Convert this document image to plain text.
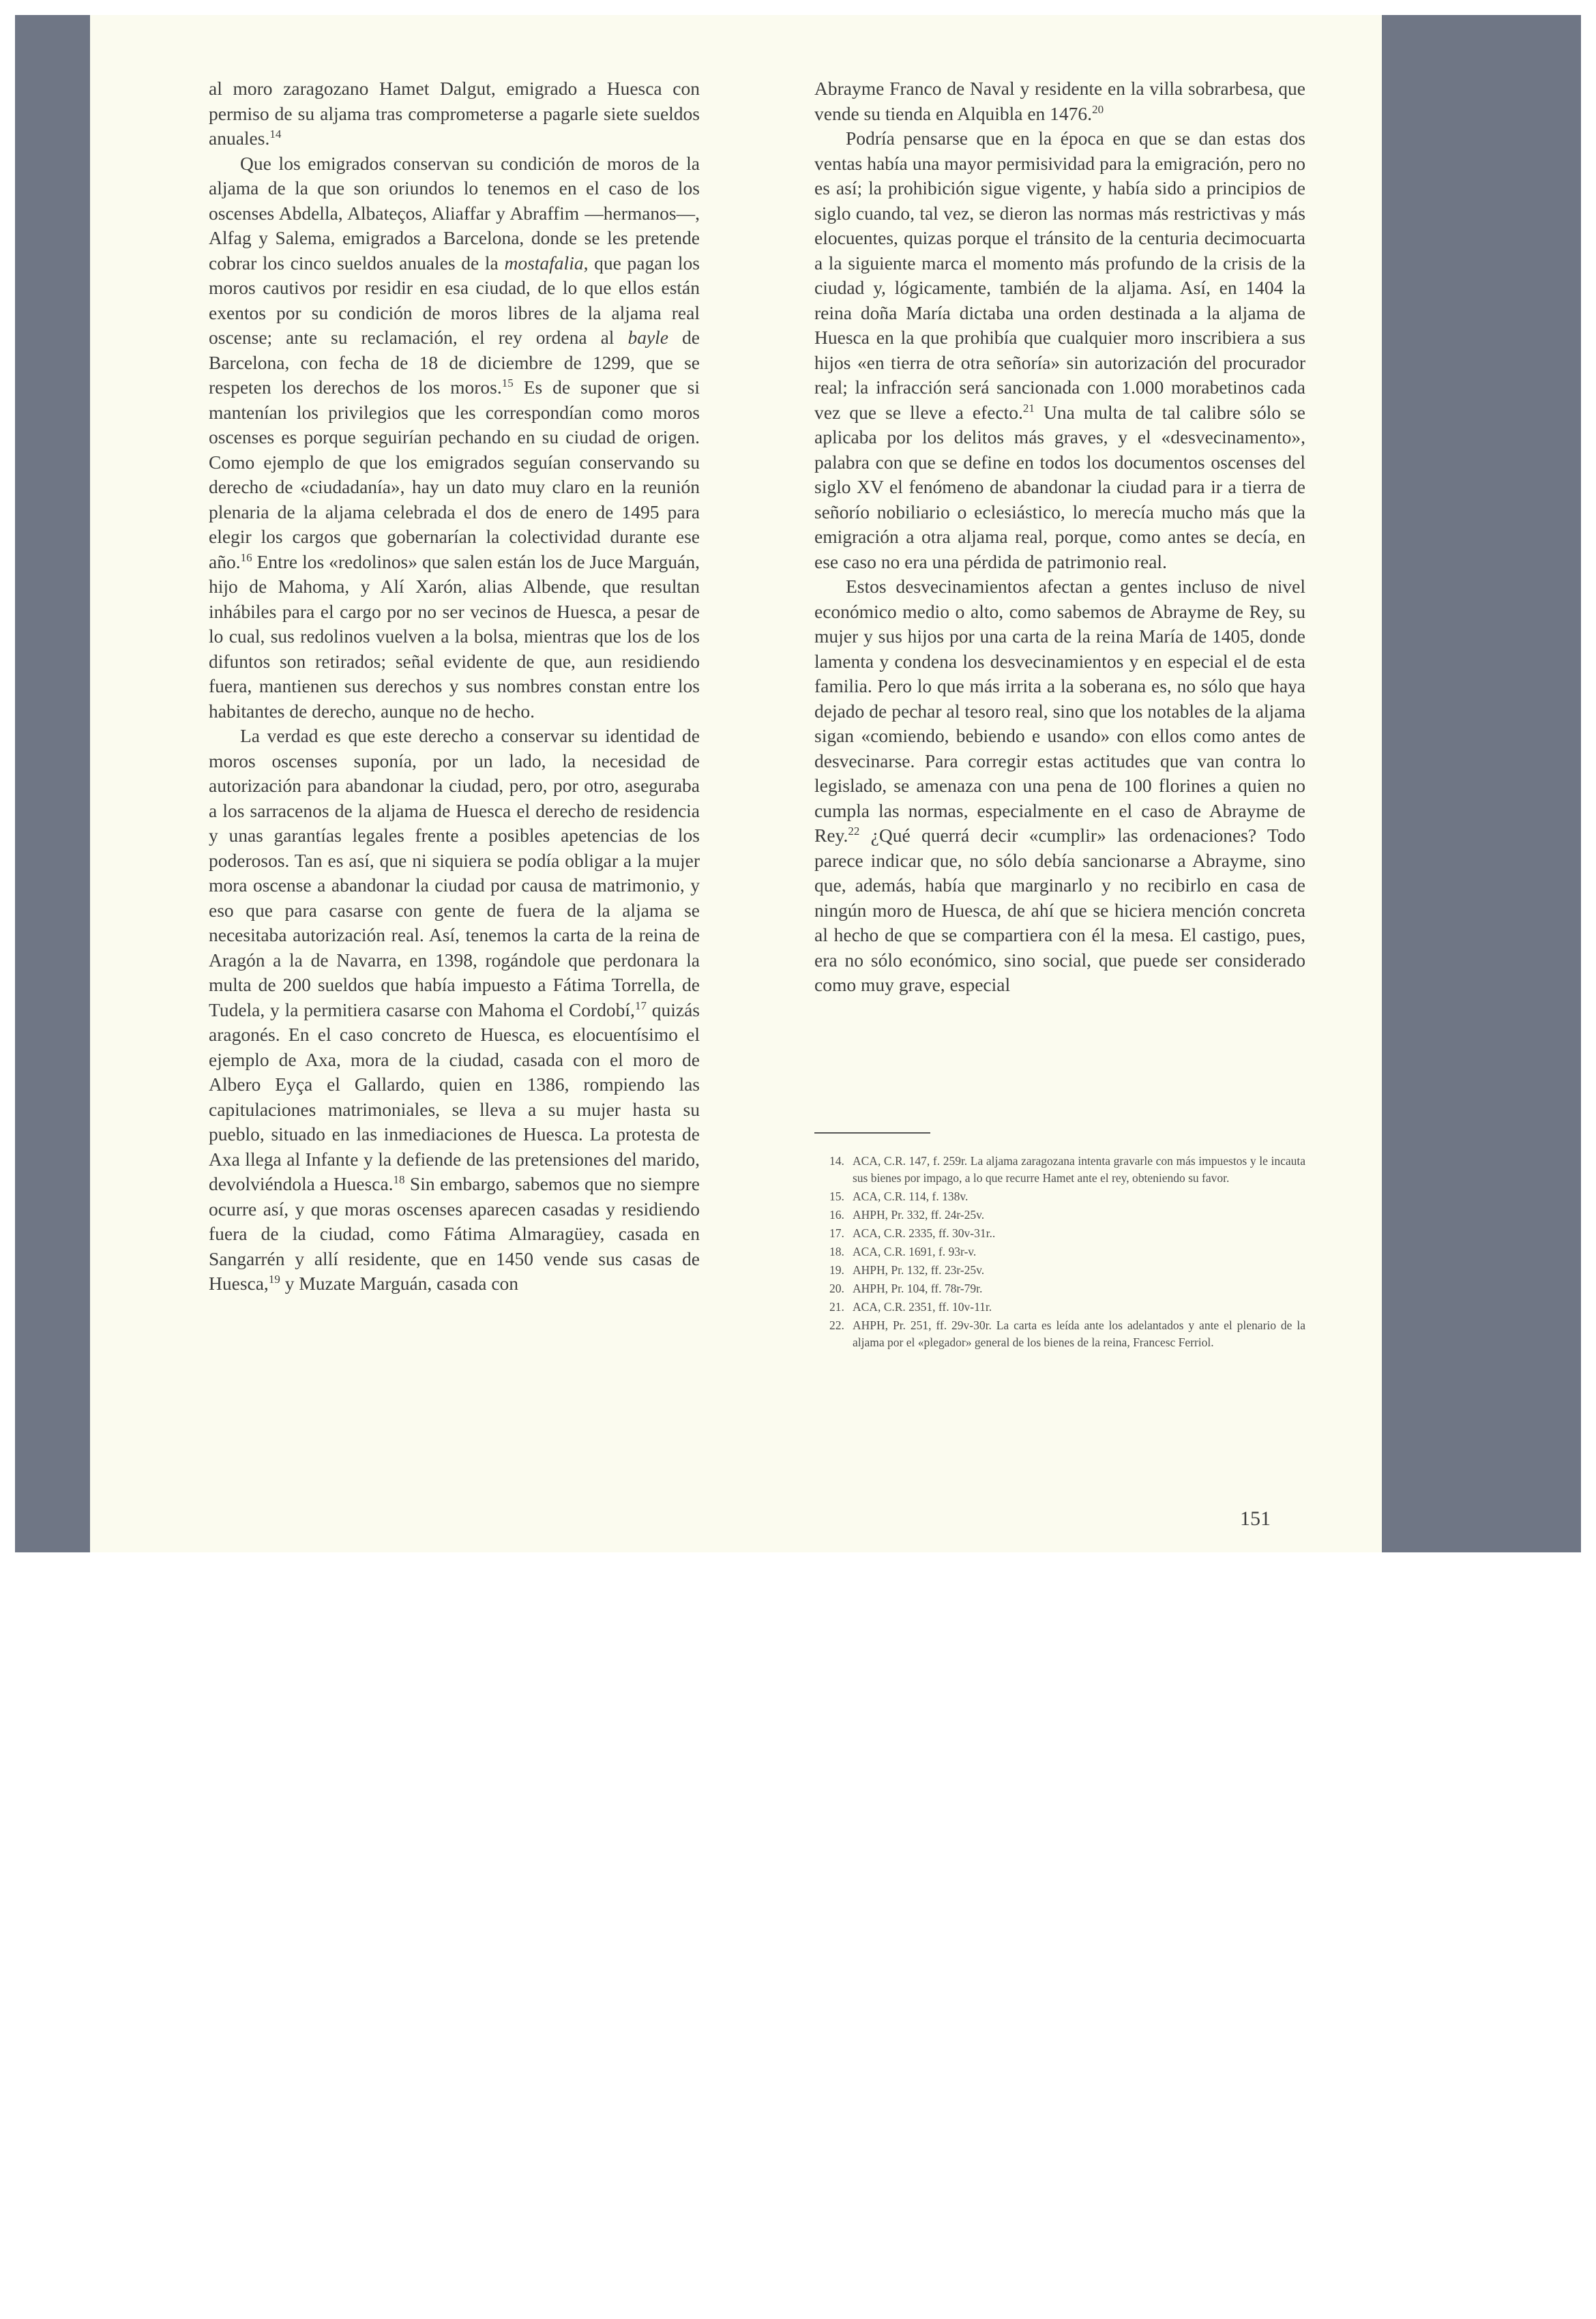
al moro zaragozano Hamet Dalgut, emigrado a Huesca con permiso de su aljama tras comprometerse a pagarle siete sueldos anuales.$^{14}$

Que los emigrados conservan su condición de moros de la aljama de la que son oriundos lo tenemos en el caso de los oscenses Abdella, Albateços, Aliaffar y Abraffim —hermanos—, Alfag y Salema, emigrados a Barcelona, donde se les pretende cobrar los cinco sueldos anuales de la mostafalia, que pagan los moros cautivos por residir en esa ciudad, de lo que ellos están exentos por su condición de moros libres de la aljama real oscense; ante su reclamación, el rey ordena al bayle de Barcelona, con fecha de 18 de diciembre de 1299, que se respeten los derechos de los moros.$^{15}$ Es de suponer que si mantenían los privilegios que les correspondían como moros oscenses es porque seguirían pechando en su ciudad de origen. Como ejemplo de que los emigrados seguían conservando su derecho de «ciudadanía», hay un dato muy claro en la reunión plenaria de la aljama celebrada el dos de enero de 1495 para elegir los cargos que gobernarían la colectividad durante ese año.$^{16}$ Entre los «redolinos» que salen están los de Juce Marguán, hijo de Mahoma, y Alí Xarón, alias Albende, que resultan inhábiles para el cargo por no ser vecinos de Huesca, a pesar de lo cual, sus redolinos vuelven a la bolsa, mientras que los de los difuntos son retirados; señal evidente de que, aun residiendo fuera, mantienen sus derechos y sus nombres constan entre los habitantes de derecho, aunque no de hecho.

La verdad es que este derecho a conservar su identidad de moros oscenses suponía, por un lado, la necesidad de autorización para abandonar la ciudad, pero, por otro, aseguraba a los sarracenos de la aljama de Huesca el derecho de residencia y unas garantías legales frente a posibles apetencias de los poderosos. Tan es así, que ni siquiera se podía obligar a la mujer mora oscense a abandonar la ciudad por causa de matrimonio, y eso que para casarse con gente de fuera de la aljama se necesitaba autorización real. Así, tenemos la carta de la reina de Aragón a la de Navarra, en 1398, rogándole que perdonara la multa de 200 sueldos que había impuesto a Fátima Torrella, de Tudela, y la permitiera casarse con Mahoma el Cordobí,$^{17}$ quizás aragonés. En el caso concreto de Huesca, es elocuentísimo el ejemplo de Axa, mora de la ciudad, casada con el moro de Albero Eyça el Gallardo, quien en 1386, rompiendo las capitulaciones matrimoniales, se lleva a su mujer hasta su pueblo, situado en las inmediaciones de Huesca. La protesta de Axa llega al Infante y la defiende de las pretensiones del marido, devolviéndola a Huesca.$^{18}$ Sin embargo, sabemos que no siempre ocurre así, y que moras oscenses aparecen casadas y residiendo fuera de la ciudad, como Fátima Almaragüey, casada en Sangarrén y allí residente, que en 1450 vende sus casas de Huesca,$^{19}$ y Muzate Marguán, casada con

Abrayme Franco de Naval y residente en la villa sobrarbesa, que vende su tienda en Alquibla en 1476.20

Podría pensarse que en la época en que se dan estas dos ventas había una mayor permisividad para la emigración, pero no es así; la prohibición sigue vigente, y había sido a principios de siglo cuando, tal vez, se dieron las normas más restrictivas y más elocuentes, quizas porque el tránsito de la centuria decimocuarta a la siguiente marca el momento más profundo de la crisis de la ciudad y, lógicamente, también de la aljama. Así, en 1404 la reina doña María dictaba una orden destinada a la aljama de Huesca en la que prohibía que cualquier moro inscribiera a sus hijos «en tierra de otra señoría» sin autorización del procurador real; la infracción será sancionada con 1.000 morabetinos cada vez que se lleve a efecto.$^{21}$ Una multa de tal calibre sólo se aplicaba por los delitos más graves, y el «desvecinamento», palabra con que se define en todos los documentos oscenses del siglo XV el fenómeno de abandonar la ciudad para ir a tierra de señorío nobiliario o eclesiástico, lo merecía mucho más que la emigración a otra aljama real, porque, como antes se decía, en ese caso no era una pérdida de patrimonio real.

Estos desvecinamientos afectan a gentes incluso de nivel económico medio o alto, como sabemos de Abrayme de Rey, su mujer y sus hijos por una carta de la reina María de 1405, donde lamenta y condena los desvecinamientos y en especial el de esta familia. Pero lo que más irrita a la soberana es, no sólo que haya dejado de pechar al tesoro real, sino que los notables de la aljama sigan «comiendo, bebiendo e usando» con ellos como antes de desvecinarse. Para corregir estas actitudes que van contra lo legislado, se amenaza con una pena de 100 florines a quien no cumpla las normas, especialmente en el caso de Abrayme de Rey.$^{22}$ ¿Qué querrá decir «cumplir» las ordenaciones? Todo parece indicar que, no sólo debía sancionarse a Abrayme, sino que, además, había que marginarlo y no recibirlo en casa de ningún moro de Huesca, de ahí que se hiciera mención concreta al hecho de que se compartiera con él la mesa. El castigo, pues, era no sólo económico, sino social, que puede ser considerado como muy grave, especial

14. ACA, C.R. 147, f. 259r. La aljama zaragozana intenta gravarle con más impuestos y le incauta sus bienes por impago, a lo que recurre Hamet ante el rey, obteniendo su favor.
15. ACA, C.R. 114, f. 138v.
16. AHPH, Pr. 332, ff. 24r-25v.
17. ACA, C.R. 2335, ff. 30v-31r..
18. ACA, C.R. 1691, f. 93r-v.
19. AHPH, Pr. 132, ff. 23r-25v.
20. AHPH, Pr. 104, ff. 78r-79r.
21. ACA, C.R. 2351, ff. 10v-11r.
22. AHPH, Pr. 251, ff. 29v-30r. La carta es leída ante los adelantados y ante el plenario de la aljama por el «plegador» general de los bienes de la reina, Francesc Ferriol.
151
